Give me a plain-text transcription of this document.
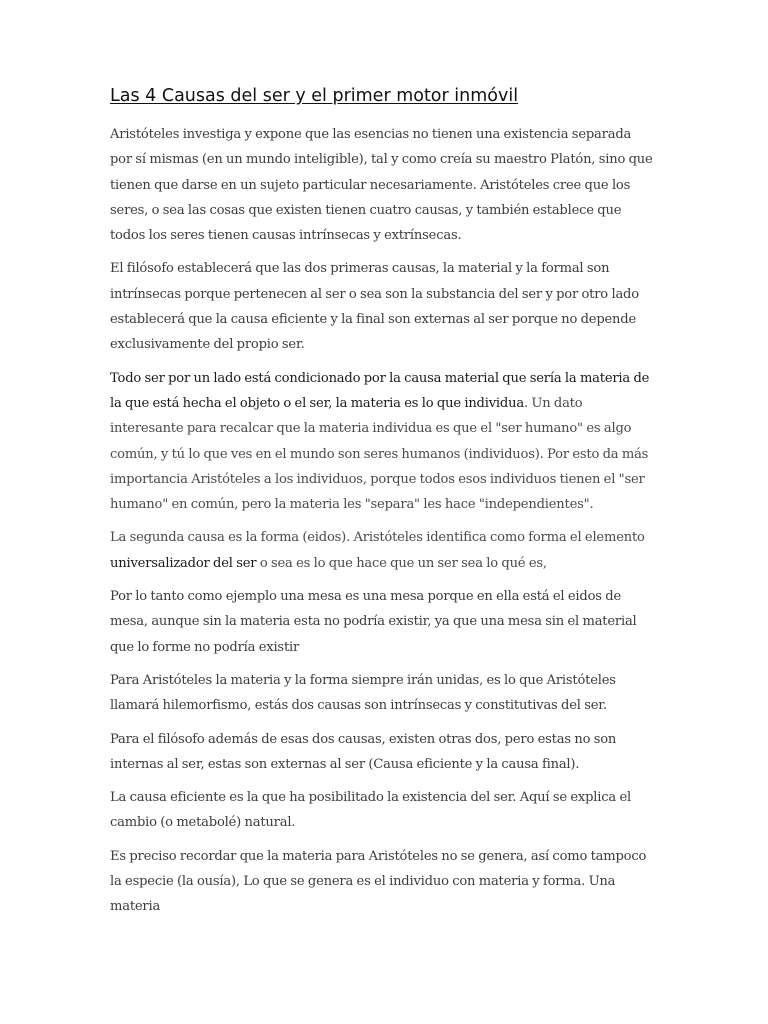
Las 4 Causas del ser y el primer motor inmóvil

Aristóteles investiga y expone que las esencias no tienen una existencia separada por sí mismas (en un mundo inteligible), tal y como creía su maestro Platón, sino que tienen que darse en un sujeto particular necesariamente. Aristóteles cree que los seres, o sea las cosas que existen tienen cuatro causas, y también establece que todos los seres tienen causas intrínsecas y extrínsecas.

El filósofo establecerá que las dos primeras causas, la material y la formal son intrínsecas porque pertenecen al ser o sea son la substancia del ser y por otro lado establecerá que la causa eficiente y la final son externas al ser porque no depende exclusivamente del propio ser.

Todo ser por un lado está condicionado por la causa material que sería la materia de la que está hecha el objeto o el ser, la materia es lo que individua. Un dato interesante para recalcar que la materia individua es que el "ser humano" es algo común, y tú lo que ves en el mundo son seres humanos (individuos). Por esto da más importancia Aristóteles a los individuos, porque todos esos individuos tienen el "ser humano" en común, pero la materia les "separa" les hace "independientes".

La segunda causa es la forma (eidos). Aristóteles identifica como forma el elemento universalizador del ser o sea es lo que hace que un ser sea lo qué es,

Por lo tanto como ejemplo una mesa es una mesa porque en ella está el eidos de mesa, aunque sin la materia esta no podría existir, ya que una mesa sin el material que lo forme no podría existir

Para Aristóteles la materia y la forma siempre irán unidas, es lo que Aristóteles llamará hilemorfismo, estás dos causas son intrínsecas y constitutivas del ser.

Para el filósofo además de esas dos causas, existen otras dos, pero estas no son internas al ser, estas son externas al ser (Causa eficiente y la causa final).

La causa eficiente es la que ha posibilitado la existencia del ser. Aquí se explica el cambio (o metabolé) natural.

Es preciso recordar que la materia para Aristóteles no se genera, así como tampoco la especie (la ousía), Lo que se genera es el individuo con materia y forma. Una materia
